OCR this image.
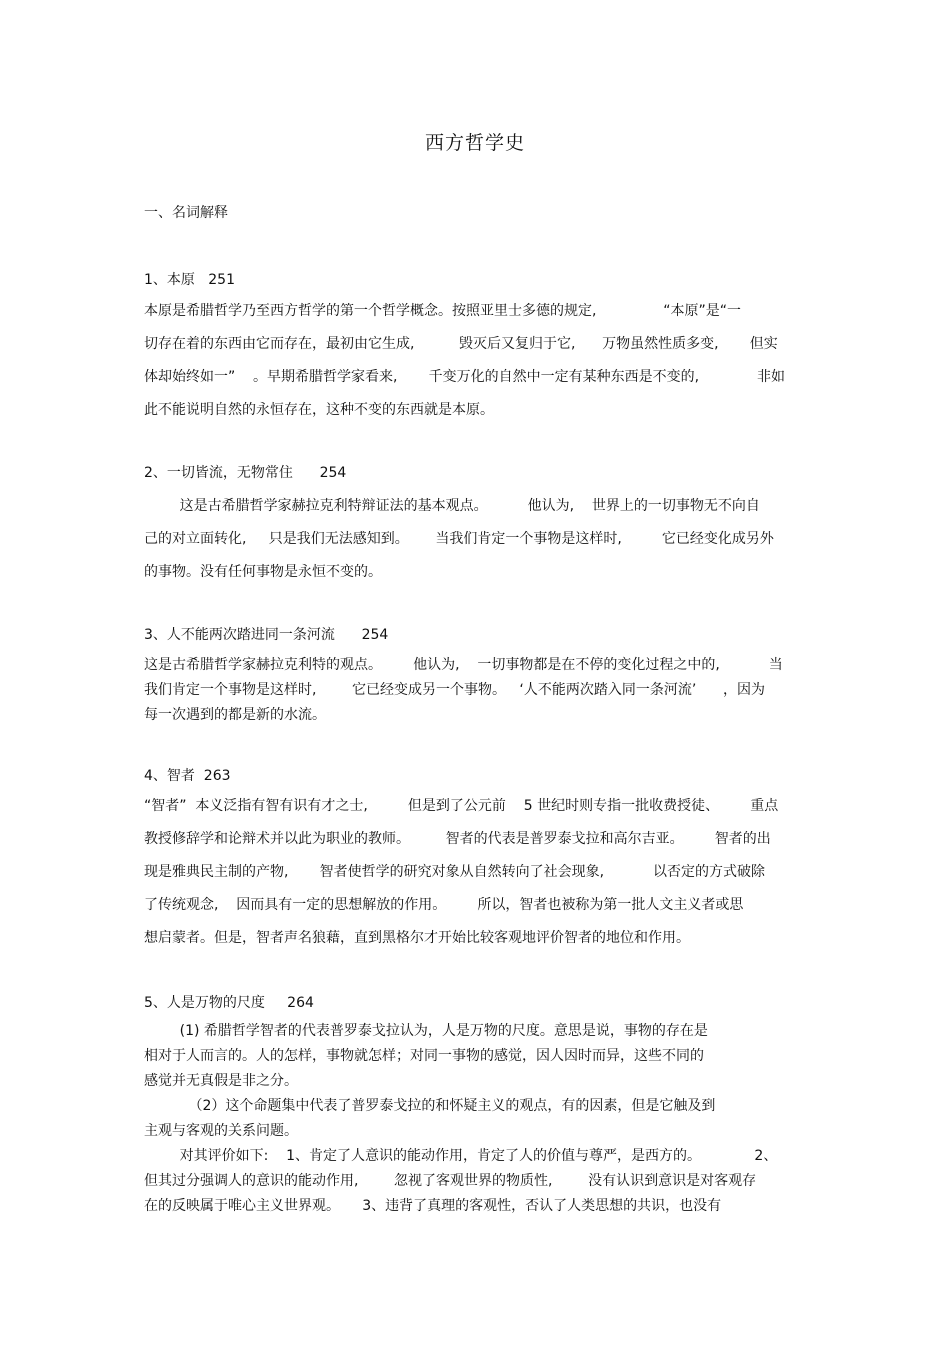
西方哲学史
一、名词解释
1、本原   251
本原是希腊哲学乃至西方哲学的第一个哲学概念。按照亚里士多德的规定,               “本原”是“一
切存在着的东西由它而存在，最初由它生成,          毁灭后又复归于它,      万物虽然性质多变,       但实
体却始终如一”    。早期希腊哲学家看来,       千变万化的自然中一定有某种东西是不变的,             非如
此不能说明自然的永恒存在，这种不变的东西就是本原。
2、一切皆流，无物常住      254
这是古希腊哲学家赫拉克利特辩证法的基本观点。         他认为,    世界上的一切事物无不向自
己的对立面转化,     只是我们无法感知到。      当我们肯定一个事物是这样时,         它已经变化成另外
的事物。没有任何事物是永恒不变的。
3、人不能两次踏进同一条河流      254
这是古希腊哲学家赫拉克利特的观点。       他认为,    一切事物都是在不停的变化过程之中的,           当
我们肯定一个事物是这样时,        它已经变成另一个事物。   ‘人不能两次踏入同一条河流’      ，因为
每一次遇到的都是新的水流。
4、智者  263
“智者”  本义泛指有智有识有才之士,         但是到了公元前    5 世纪时则专指一批收费授徒、       重点
教授修辞学和论辩术并以此为职业的教师。        智者的代表是普罗泰戈拉和高尔吉亚。       智者的出
现是雅典民主制的产物,       智者使哲学的研究对象从自然转向了社会现象,           以否定的方式破除
了传统观念,    因而具有一定的思想解放的作用。       所以，智者也被称为第一批人文主义者或思
想启蒙者。但是，智者声名狼藉，直到黑格尔才开始比较客观地评价智者的地位和作用。
5、人是万物的尺度     264
(1) 希腊哲学智者的代表普罗泰戈拉认为，人是万物的尺度。意思是说，事物的存在是
相对于人而言的。人的怎样，事物就怎样；对同一事物的感觉，因人因时而异，这些不同的
感觉并无真假是非之分。
（2）这个命题集中代表了普罗泰戈拉的和怀疑主义的观点，有的因素，但是它触及到
主观与客观的关系问题。
对其评价如下:    1、肯定了人意识的能动作用，肯定了人的价值与尊严，是西方的。            2、
但其过分强调人的意识的能动作用,        忽视了客观世界的物质性,        没有认识到意识是对客观存
在的反映属于唯心主义世界观。     3、违背了真理的客观性，否认了人类思想的共识，也没有
